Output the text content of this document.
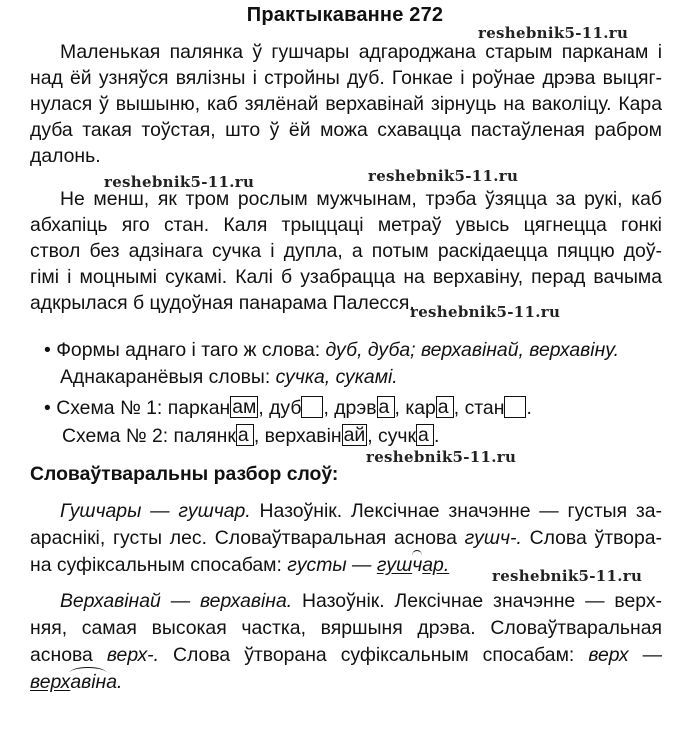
Практыкаванне 272
reshebnik5-11.ru
reshebnik5-11.ru	reshebnik5-11.ru
reshebnik5-11.ru
reshebnik5-11.ru
reshebnik5-11.ru
Маленькая палянка ў гушчары адгароджана старым парканам і
над ёй узняўся вялізны і стройны дуб. Гонкае і роўнае дрэва выцяг-
нулася ў вышыню, каб зялёнай верхавінай зірнуць на ваколіцу. Кара
дуба такая тоўстая, што ў ёй можа схавацца пастаўленая рабром
далонь.
Не менш, як тром рослым мужчынам, трэба ўзяцца за рукі, каб
абхапіць яго стан. Каля трыццаці метраў увысь цягнецца гонкі
ствол без адзінага сучка і дупла, а потым раскідаецца пяццю доў-
гімі і моцнымі сукамі. Калі б узабрацца на верхавіну, перад вачыма
адкрылася б цудоўная панарама Палесся.
• Формы аднаго і таго ж слова: дуб, дуба; верхавінай, верхавіну.
Аднакаранёвыя словы: сучка, сукамі.
• Схема № 1: паркан ам , дуб , дрэв а , кар а , стан .
Схема № 2: палянк а , верхавін ай , сучк а .
Словаўтваральны разбор слоў:
Гушчары — гушчар. Назоўнік. Лексічнае значэнне — густыя за-
араснікі, густы лес. Словаўтваральная аснова гушч-. Слова ўтвора-
на суфіксальным спосабам: густы — гушчар.
Верхавінай — верхавіна. Назоўнік. Лексічнае значэнне — верх-
няя, самая высокая частка, вяршыня дрэва. Словаўтваральная
аснова верх-. Слова ўтворана суфіксальным спосабам: верх —
верхавіна.
